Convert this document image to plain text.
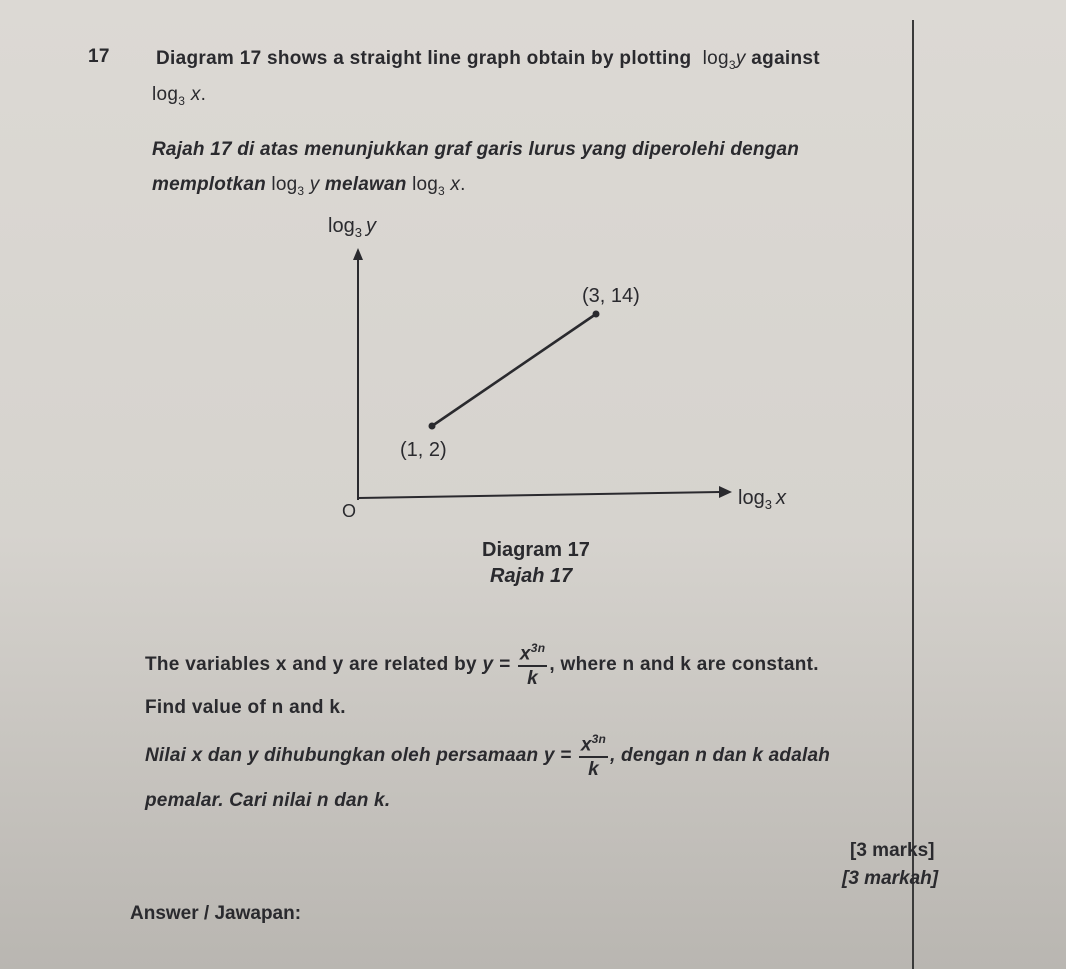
17 Diagram 17 shows a straight line graph obtain by plotting $\log_3y$ against
$\log_3 x$.
Rajah 17 di atas menunjukkan graf garis lurus yang diperolehi dengan
memplotkan $\log_3 y$ melawan $\log_3 x$.
$\log_3 y$
$\log_3 x$
O
(3, 14)
(1, 2)
Diagram 17
Rajah 17
The variables x and y are related by $y = \frac{x^{3n}}{k}$ , where n and k are constant.
Find value of n and k.
Nilai x dan y dihubungkan oleh persamaan $y = \frac{x^{3n}}{k}$ , dengan n dan k adalah
pemalar. Cari nilai n dan k.
[3 marks]
[3 markah]
Answer / Jawapan:
